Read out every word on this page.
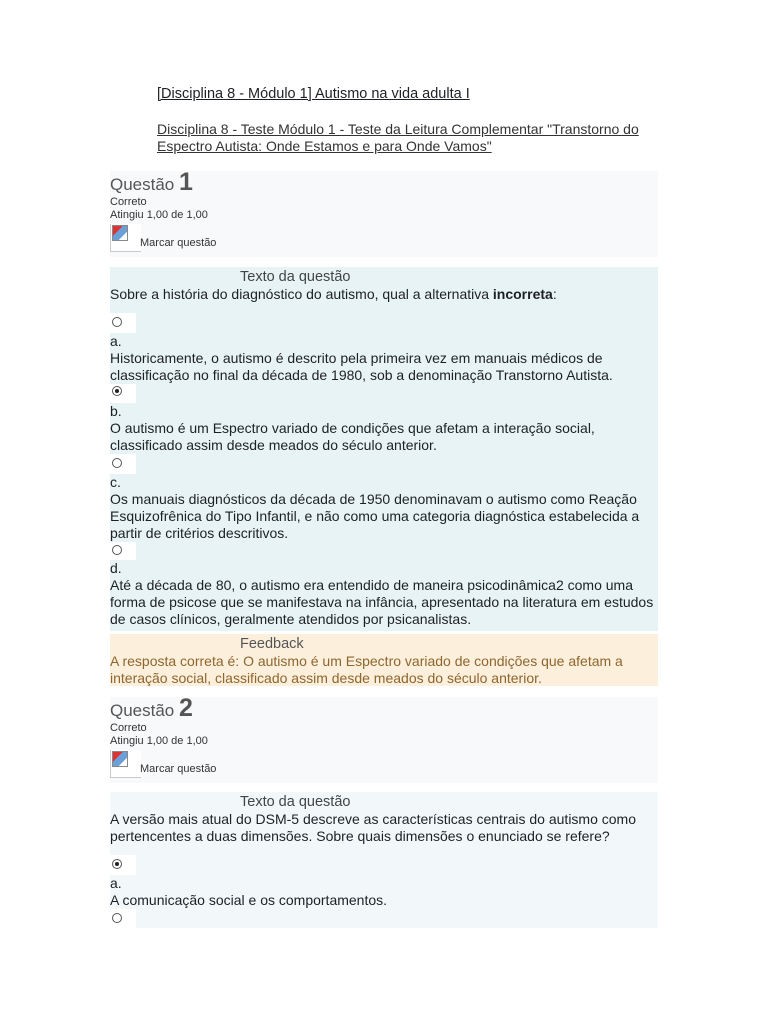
[Disciplina 8 - Módulo 1] Autismo na vida adulta I
Disciplina 8 - Teste Módulo 1 - Teste da Leitura Complementar "Transtorno do Espectro Autista: Onde Estamos e para Onde Vamos"
Questão 1
Correto
Atingiu 1,00 de 1,00
Marcar questão
Texto da questão
Sobre a história do diagnóstico do autismo, qual a alternativa incorreta:
a.
Historicamente, o autismo é descrito pela primeira vez em manuais médicos de classificação no final da década de 1980, sob a denominação Transtorno Autista.
b.
O autismo é um Espectro variado de condições que afetam a interação social, classificado assim desde meados do século anterior.
c.
Os manuais diagnósticos da década de 1950 denominavam o autismo como Reação Esquizofrênica do Tipo Infantil, e não como uma categoria diagnóstica estabelecida a partir de critérios descritivos.
d.
Até a década de 80, o autismo era entendido de maneira psicodinâmica2 como uma forma de psicose que se manifestava na infância, apresentado na literatura em estudos de casos clínicos, geralmente atendidos por psicanalistas.
Feedback
A resposta correta é: O autismo é um Espectro variado de condições que afetam a interação social, classificado assim desde meados do século anterior.
Questão 2
Correto
Atingiu 1,00 de 1,00
Marcar questão
Texto da questão
A versão mais atual do DSM-5 descreve as características centrais do autismo como pertencentes a duas dimensões. Sobre quais dimensões o enunciado se refere?
a.
A comunicação social e os comportamentos.
